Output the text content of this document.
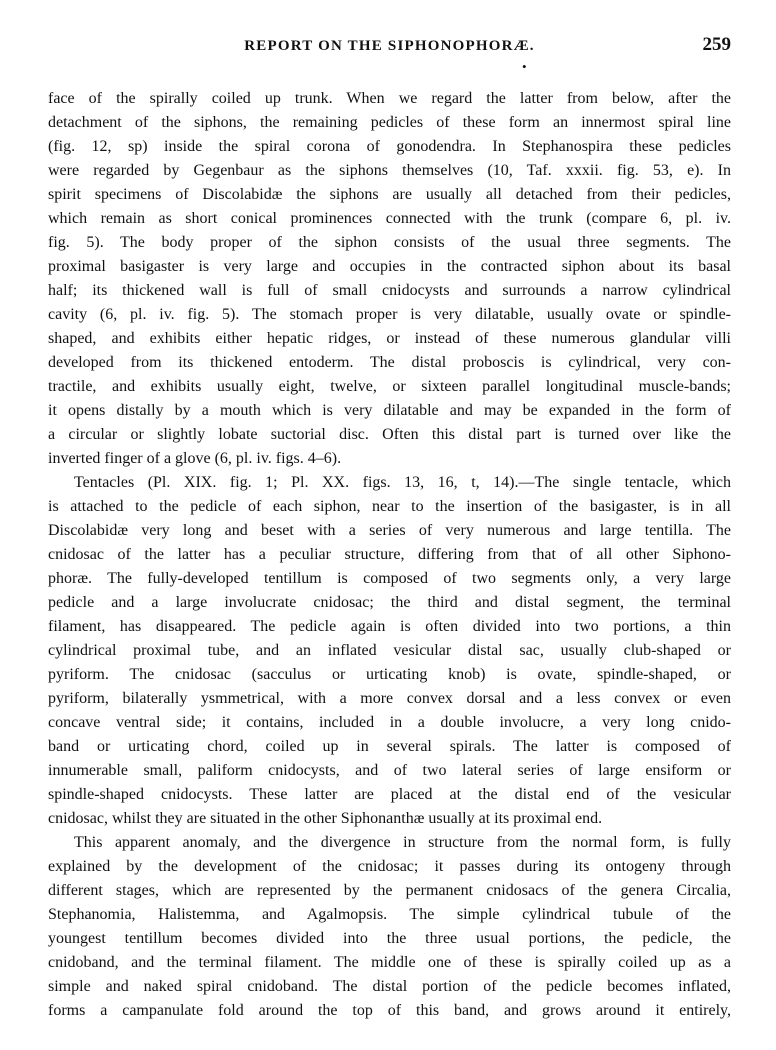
REPORT ON THE SIPHONOPHORÆ.	259
•
face of the spirally coiled up trunk. When we regard the latter from below, after the
detachment of the siphons, the remaining pedicles of these form an innermost spiral line
(fig. 12, sp) inside the spiral corona of gonodendra. In Stephanospira these pedicles
were regarded by Gegenbaur as the siphons themselves (10, Taf. xxxii. fig. 53, e). In
spirit specimens of Discolabidæ the siphons are usually all detached from their pedicles,
which remain as short conical prominences connected with the trunk (compare 6, pl. iv.
fig. 5). The body proper of the siphon consists of the usual three segments. The
proximal basigaster is very large and occupies in the contracted siphon about its basal
half; its thickened wall is full of small cnidocysts and surrounds a narrow cylindrical
cavity (6, pl. iv. fig. 5). The stomach proper is very dilatable, usually ovate or spindle-
shaped, and exhibits either hepatic ridges, or instead of these numerous glandular villi
developed from its thickened entoderm. The distal proboscis is cylindrical, very con-
tractile, and exhibits usually eight, twelve, or sixteen parallel longitudinal muscle-bands;
it opens distally by a mouth which is very dilatable and may be expanded in the form of
a circular or slightly lobate suctorial disc. Often this distal part is turned over like the
inverted finger of a glove (6, pl. iv. figs. 4–6).
Tentacles (Pl. XIX. fig. 1; Pl. XX. figs. 13, 16, t, 14).—The single tentacle, which
is attached to the pedicle of each siphon, near to the insertion of the basigaster, is in all
Discolabidæ very long and beset with a series of very numerous and large tentilla. The
cnidosac of the latter has a peculiar structure, differing from that of all other Siphono-
phoræ. The fully-developed tentillum is composed of two segments only, a very large
pedicle and a large involucrate cnidosac; the third and distal segment, the terminal
filament, has disappeared. The pedicle again is often divided into two portions, a thin
cylindrical proximal tube, and an inflated vesicular distal sac, usually club-shaped or
pyriform. The cnidosac (sacculus or urticating knob) is ovate, spindle-shaped, or
pyriform, bilaterally ysmmetrical, with a more convex dorsal and a less convex or even
concave ventral side; it contains, included in a double involucre, a very long cnido-
band or urticating chord, coiled up in several spirals. The latter is composed of
innumerable small, paliform cnidocysts, and of two lateral series of large ensiform or
spindle-shaped cnidocysts. These latter are placed at the distal end of the vesicular
cnidosac, whilst they are situated in the other Siphonanthæ usually at its proximal end.
This apparent anomaly, and the divergence in structure from the normal form, is fully
explained by the development of the cnidosac; it passes during its ontogeny through
different stages, which are represented by the permanent cnidosacs of the genera Circalia,
Stephanomia, Halistemma, and Agalmopsis. The simple cylindrical tubule of the
youngest tentillum becomes divided into the three usual portions, the pedicle, the
cnidoband, and the terminal filament. The middle one of these is spirally coiled up as a
simple and naked spiral cnidoband. The distal portion of the pedicle becomes inflated,
forms a campanulate fold around the top of this band, and grows around it entirely,
